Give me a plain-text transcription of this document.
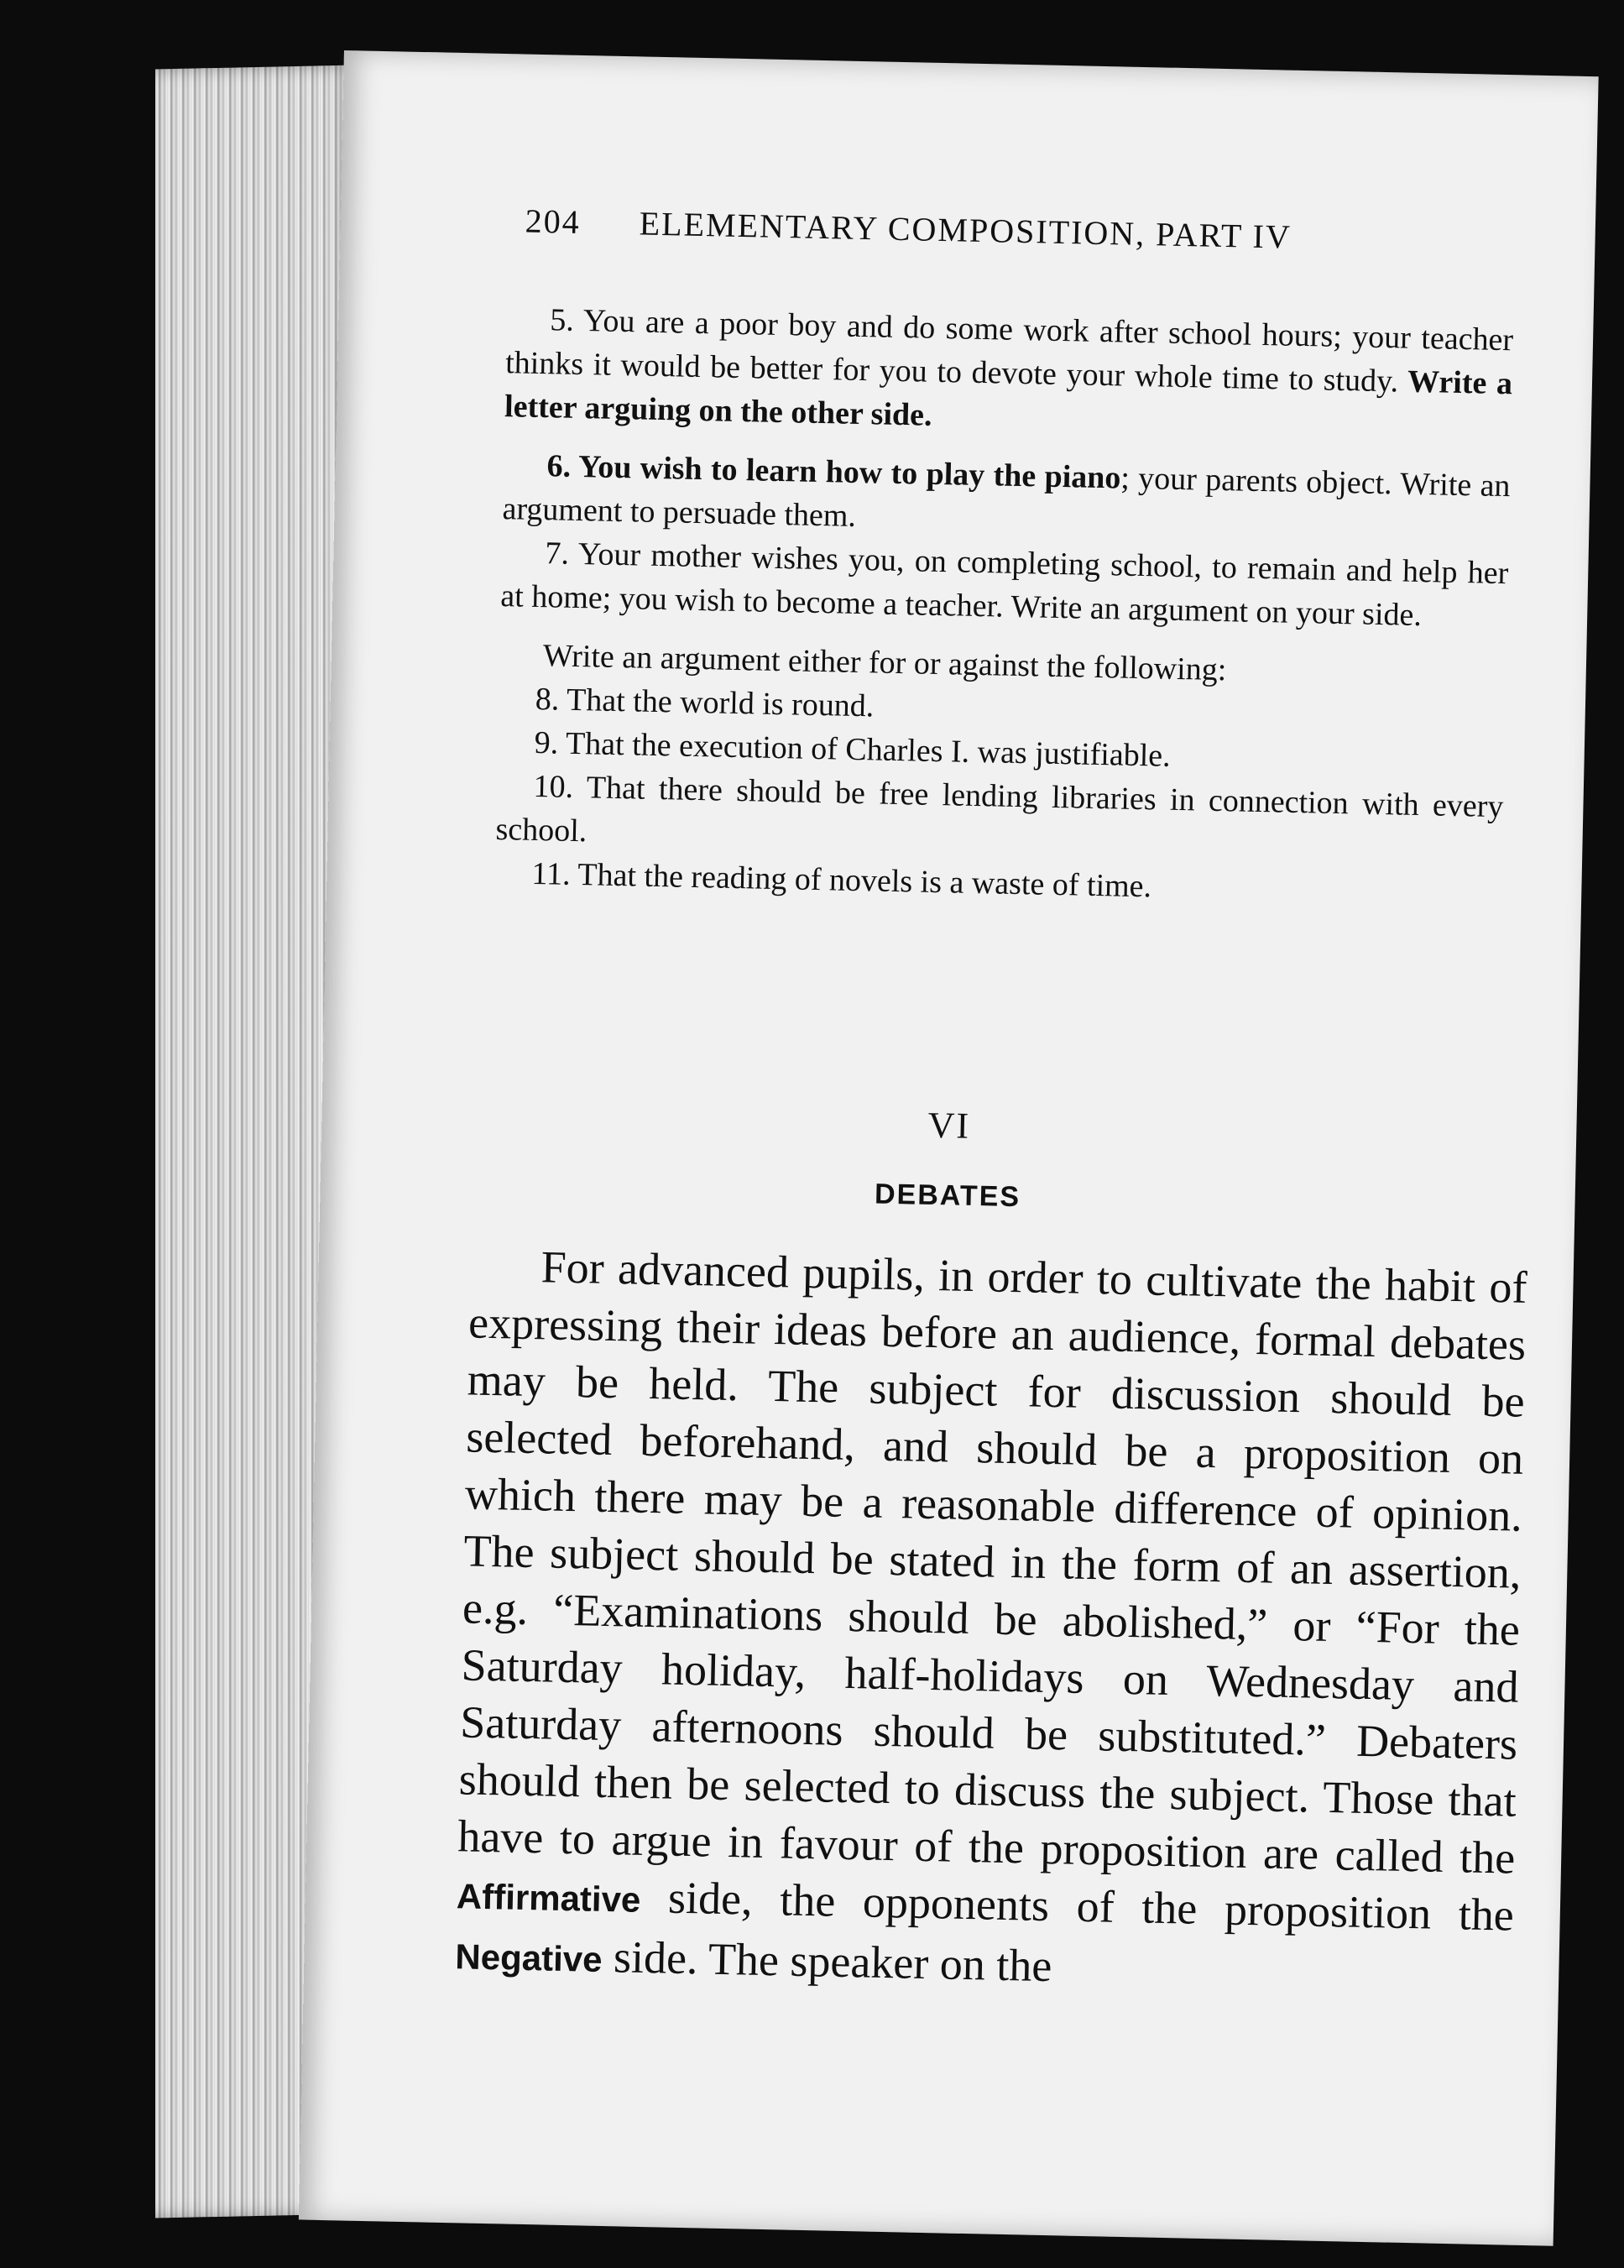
204 ELEMENTARY COMPOSITION, PART IV

5. You are a poor boy and do some work after school hours; your teacher thinks it would be better for you to devote your whole time to study. Write a letter arguing on the other side.

6. You wish to learn how to play the piano; your parents object. Write an argument to persuade them.

7. Your mother wishes you, on completing school, to remain and help her at home; you wish to become a teacher. Write an argument on your side.

Write an argument either for or against the following:

8. That the world is round.

9. That the execution of Charles I. was justifiable.

10. That there should be free lending libraries in connection with every school.

11. That the reading of novels is a waste of time.

VI
DEBATES

For advanced pupils, in order to cultivate the habit of expressing their ideas before an audience, formal debates may be held. The subject for discussion should be selected beforehand, and should be a proposition on which there may be a reasonable difference of opinion. The subject should be stated in the form of an assertion, e.g. “Examinations should be abolished,” or “For the Saturday holiday, half-holidays on Wednesday and Saturday afternoons should be substituted.” Debaters should then be selected to discuss the subject. Those that have to argue in favour of the proposition are called the Affirmative side, the opponents of the proposition the Negative side. The speaker on the
